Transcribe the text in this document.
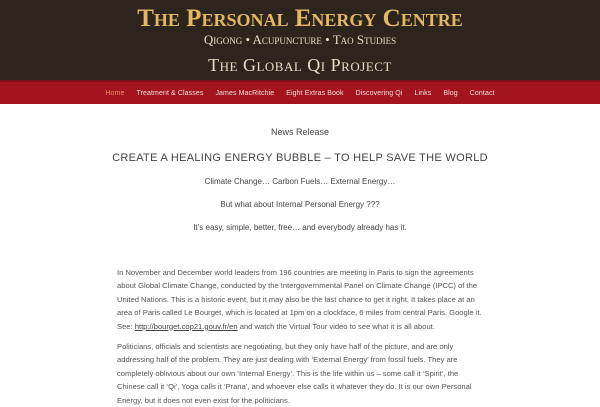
The Personal Energy Centre
Qigong • Acupuncture • Tao Studies
The Global Qi Project
Home Treatment & Classes James MacRitchie Eight Extras Book Discovering Qi Links Blog Contact
News Release
CREATE A HEALING ENERGY BUBBLE – TO HELP SAVE THE WORLD
Climate Change… Carbon Fuels… External Energy…
But what about Internal Personal Energy ???
It’s easy, simple, better, free… and everybody already has it.

In November and December world leaders from 196 countries are meeting in Paris to sign the agreements about Global Climate Change, conducted by the Intergovernmental Panel on Climate Change (IPCC) of the United Nations. This is a historic event, but it may also be the last chance to get it right. It takes place at an area of Paris called Le Bourget, which is located at 1pm on a clockface, 6 miles from central Paris. Google it. See: http://bourget.cop21.gouv.fr/en and watch the Virtual Tour video to see what it is all about.

Politicians, officials and scientists are negotiating, but they only have half of the picture, and are only addressing half of the problem. They are just dealing with ‘External Energy’ from fossil fuels. They are completely oblivious about our own ‘Internal Energy’. This is the life within us – some call it ‘Spirit’, the Chinese call it ‘Qi’, Yoga calls it ‘Prana’, and whoever else calls it whatever they do. It is our own Personal Energy, but it does not even exist for the politicians.
